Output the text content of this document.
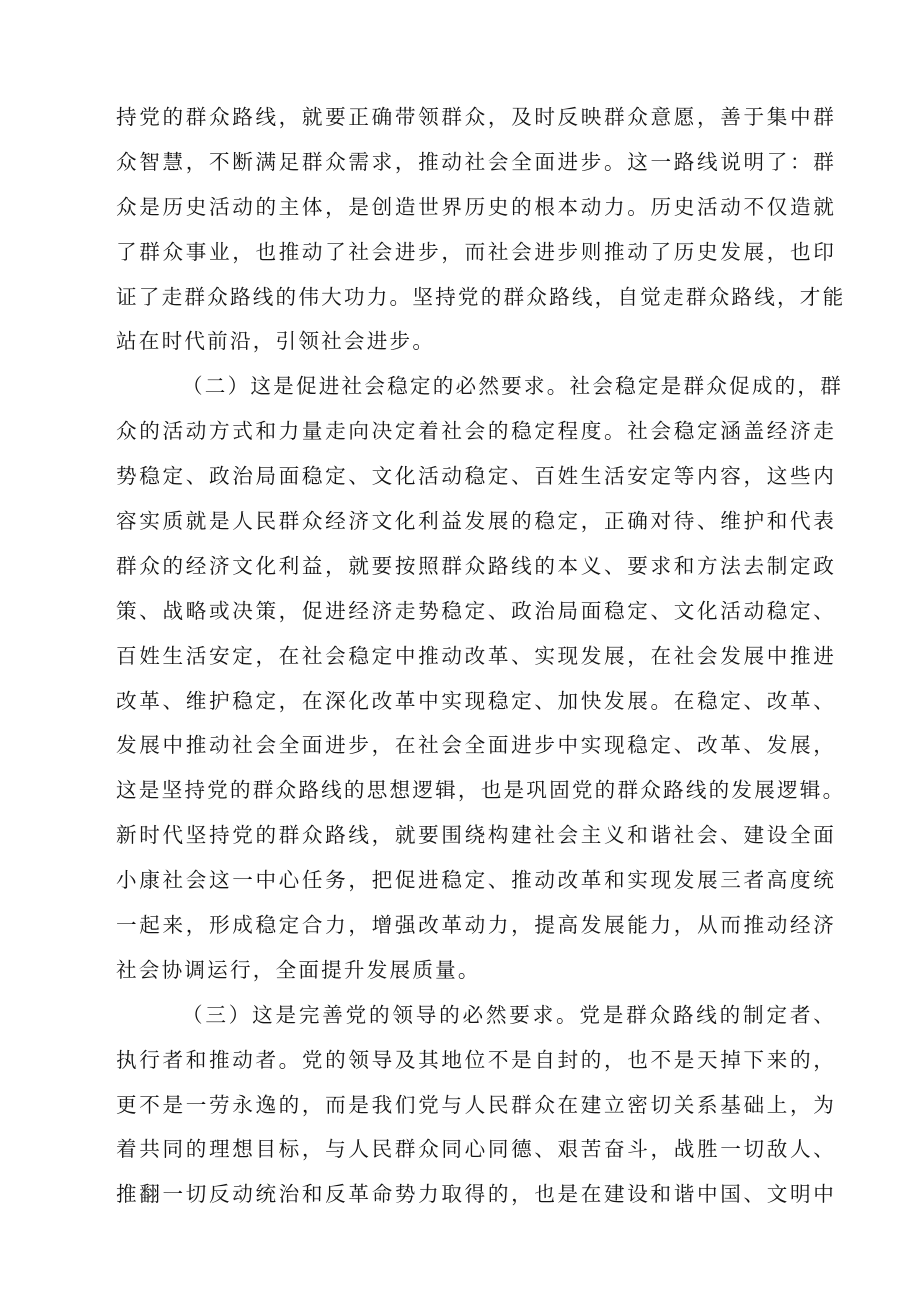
持党的群众路线，就要正确带领群众，及时反映群众意愿，善于集中群
众智慧，不断满足群众需求，推动社会全面进步。这一路线说明了：群
众是历史活动的主体，是创造世界历史的根本动力。历史活动不仅造就
了群众事业，也推动了社会进步，而社会进步则推动了历史发展，也印
证了走群众路线的伟大功力。坚持党的群众路线，自觉走群众路线，才能
站在时代前沿，引领社会进步。
（二）这是促进社会稳定的必然要求。社会稳定是群众促成的，群
众的活动方式和力量走向决定着社会的稳定程度。社会稳定涵盖经济走
势稳定、政治局面稳定、文化活动稳定、百姓生活安定等内容，这些内
容实质就是人民群众经济文化利益发展的稳定，正确对待、维护和代表
群众的经济文化利益，就要按照群众路线的本义、要求和方法去制定政
策、战略或决策，促进经济走势稳定、政治局面稳定、文化活动稳定、
百姓生活安定，在社会稳定中推动改革、实现发展，在社会发展中推进
改革、维护稳定，在深化改革中实现稳定、加快发展。在稳定、改革、
发展中推动社会全面进步，在社会全面进步中实现稳定、改革、发展，
这是坚持党的群众路线的思想逻辑，也是巩固党的群众路线的发展逻辑。
新时代坚持党的群众路线，就要围绕构建社会主义和谐社会、建设全面
小康社会这一中心任务，把促进稳定、推动改革和实现发展三者高度统
一起来，形成稳定合力，增强改革动力，提高发展能力，从而推动经济
社会协调运行，全面提升发展质量。
（三）这是完善党的领导的必然要求。党是群众路线的制定者、
执行者和推动者。党的领导及其地位不是自封的，也不是天掉下来的，
更不是一劳永逸的，而是我们党与人民群众在建立密切关系基础上，为
着共同的理想目标，与人民群众同心同德、艰苦奋斗，战胜一切敌人、
推翻一切反动统治和反革命势力取得的，也是在建设和谐中国、文明中
